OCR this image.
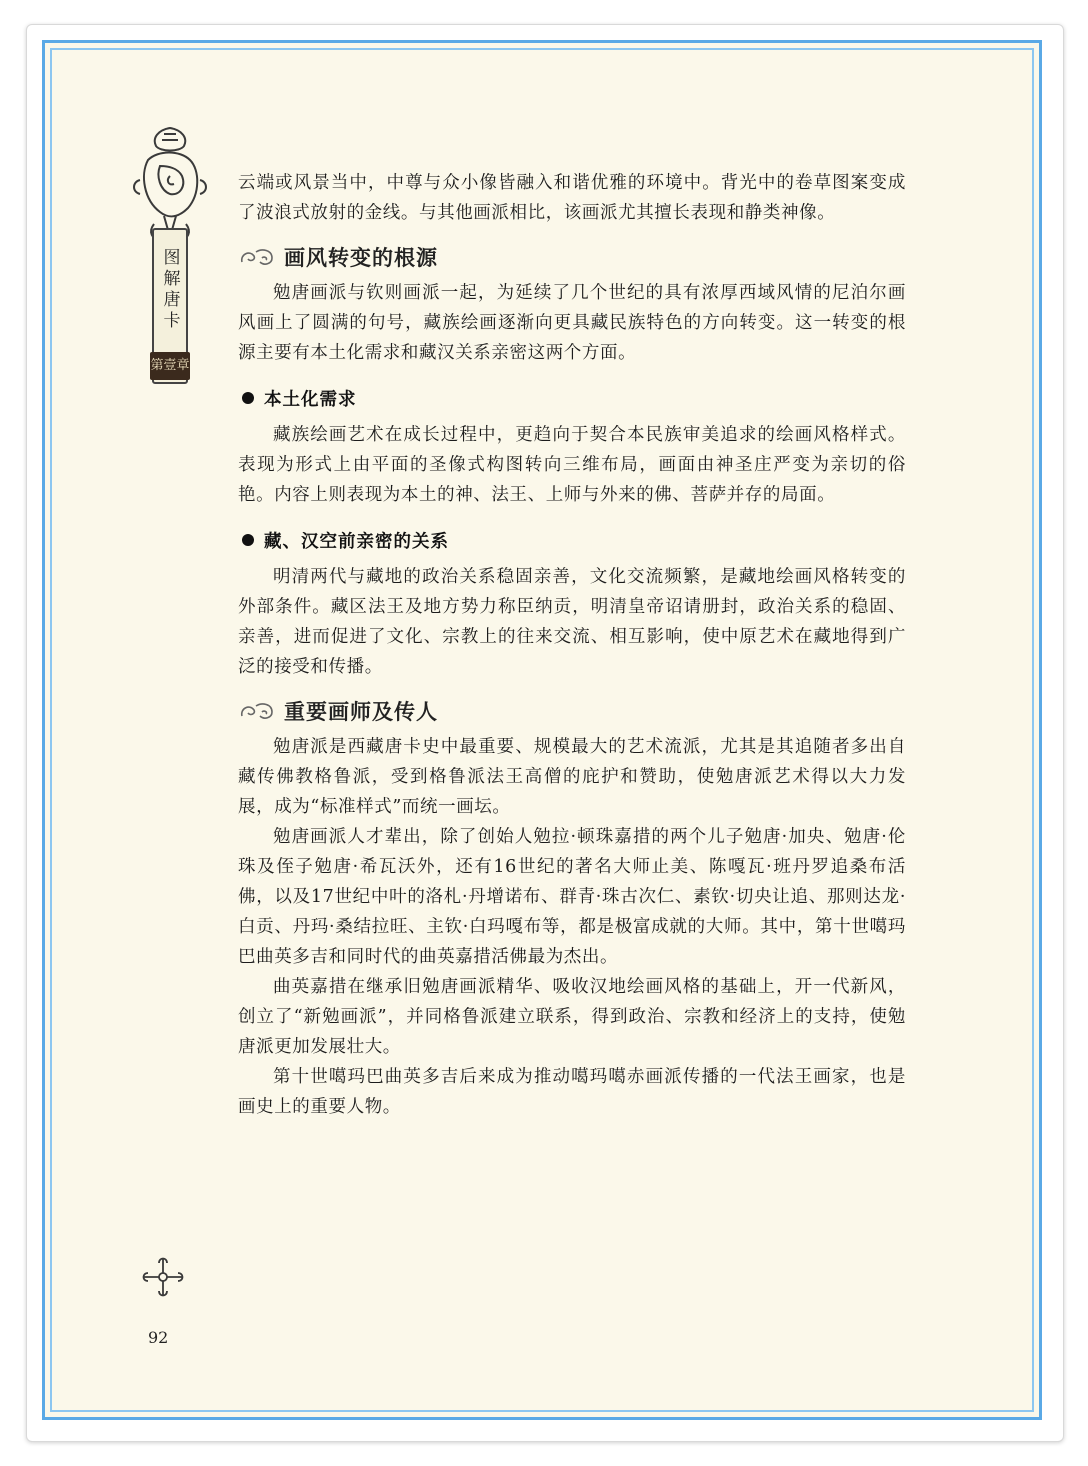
图解唐卡
第壹章

云端或风景当中，中尊与众小像皆融入和谐优雅的环境中。背光中的卷草图案变成了波浪式放射的金线。与其他画派相比，该画派尤其擅长表现和静类神像。

画风转变的根源

勉唐画派与钦则画派一起，为延续了几个世纪的具有浓厚西域风情的尼泊尔画风画上了圆满的句号，藏族绘画逐渐向更具藏民族特色的方向转变。这一转变的根源主要有本土化需求和藏汉关系亲密这两个方面。

本土化需求

藏族绘画艺术在成长过程中，更趋向于契合本民族审美追求的绘画风格样式。表现为形式上由平面的圣像式构图转向三维布局，画面由神圣庄严变为亲切的俗艳。内容上则表现为本土的神、法王、上师与外来的佛、菩萨并存的局面。

藏、汉空前亲密的关系

明清两代与藏地的政治关系稳固亲善，文化交流频繁，是藏地绘画风格转变的外部条件。藏区法王及地方势力称臣纳贡，明清皇帝诏请册封，政治关系的稳固、亲善，进而促进了文化、宗教上的往来交流、相互影响，使中原艺术在藏地得到广泛的接受和传播。

重要画师及传人

勉唐派是西藏唐卡史中最重要、规模最大的艺术流派，尤其是其追随者多出自藏传佛教格鲁派，受到格鲁派法王高僧的庇护和赞助，使勉唐派艺术得以大力发展，成为“标准样式”而统一画坛。

勉唐画派人才辈出，除了创始人勉拉·顿珠嘉措的两个儿子勉唐·加央、勉唐·伦珠及侄子勉唐·希瓦沃外，还有16世纪的著名大师止美、陈嘎瓦·班丹罗追桑布活佛，以及17世纪中叶的洛札·丹增诺布、群青·珠古次仁、素钦·切央让追、那则达龙·白贡、丹玛·桑结拉旺、主钦·白玛嘎布等，都是极富成就的大师。其中，第十世噶玛巴曲英多吉和同时代的曲英嘉措活佛最为杰出。

曲英嘉措在继承旧勉唐画派精华、吸收汉地绘画风格的基础上，开一代新风，创立了“新勉画派”，并同格鲁派建立联系，得到政治、宗教和经济上的支持，使勉唐派更加发展壮大。

第十世噶玛巴曲英多吉后来成为推动噶玛噶赤画派传播的一代法王画家，也是画史上的重要人物。

92
